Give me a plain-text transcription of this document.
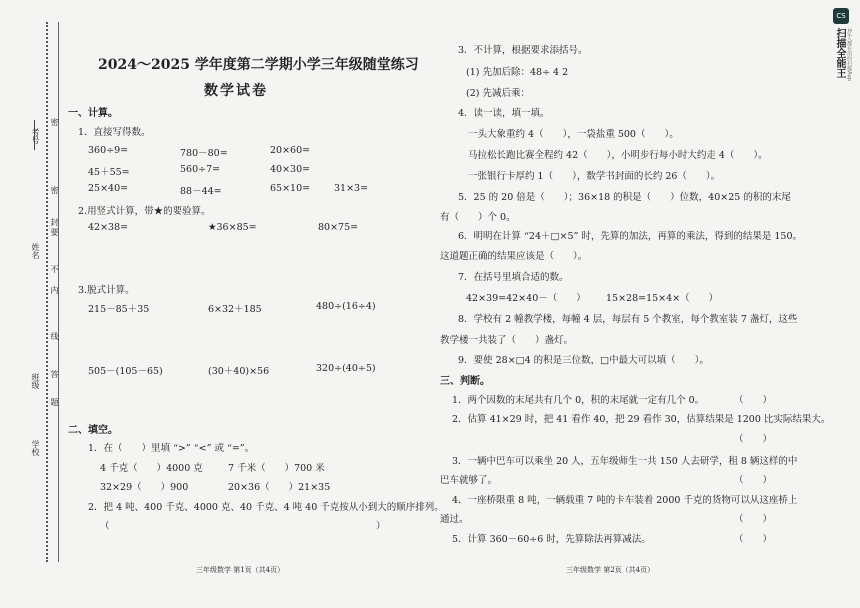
考号
姓名
班级
学校
密
密
封
不
要
内
线
答
题
CS
扫描全能王 3亿人都在用的扫描App
2024～2025 学年度第二学期小学三年级随堂练习
数学试卷
一、计算。
1．直接写得数。
360÷9=	780－80=	20×60=
45＋55=	560÷7=	40×30=
25×40=	88－44=	65×10=	31×3=
2.用竖式计算，带★的要验算。
42×38=	★36×85=	80×75=
3.脱式计算。
215－85＋35	6×32＋185	480÷(16÷4)
505－(105－65)	(30＋40)×56	320÷(40÷5)
二、填空。
1．在（　　）里填 “>” “<” 或 “=”。
4 千克（　　）4000 克	7 千米（　　）700 米
32×29（　　）900	20×36（　　）21×35
2．把 4 吨、400 千克、4000 克、40 千克、4 吨 40 千克按从小到大的顺序排列。
（	）
三年级数学 第1页（共4页）
3．不计算，根据要求添括号。
(1) 先加后除：48÷ 4 2
(2) 先减后乘：
4．读一读，填一填。
一头大象重约 4（　　），一袋盐重 500（　　）。
马拉松长跑比赛全程约 42（　　），小明步行每小时大约走 4（　　）。
一张银行卡厚约 1（　　），数学书封面的长约 26（　　）。
5．25 的 20 倍是（　　）；36×18 的积是（　　）位数，40×25 的积的末尾
有（　　）个 0。
6．明明在计算 “24＋□×5” 时，先算的加法，再算的乘法，得到的结果是 150。
这道题正确的结果应该是（　　）。
7．在括号里填合适的数。
42×39=42×40－（　　） 15×28=15×4×（　　）
8．学校有 2 幢教学楼，每幢 4 层，每层有 5 个教室，每个教室装 7 盏灯，这些
教学楼一共装了（　　）盏灯。
9．要使 28×□4 的积是三位数，□中最大可以填（　　）。
三、判断。
1．两个因数的末尾共有几个 0，积的末尾就一定有几个 0。	（　　）
2．估算 41×29 时，把 41 看作 40，把 29 看作 30，估算结果是 1200 比实际结果大。
（　　）
3．一辆中巴车可以乘坐 20 人，五年级师生一共 150 人去研学，租 8 辆这样的中
巴车就够了。	（　　）
4．一座桥限重 8 吨，一辆载重 7 吨的卡车装着 2000 千克的货物可以从这座桥上
通过。	（　　）
5．计算 360－60÷6 时，先算除法再算减法。	（　　）
三年级数学 第2页（共4页）
